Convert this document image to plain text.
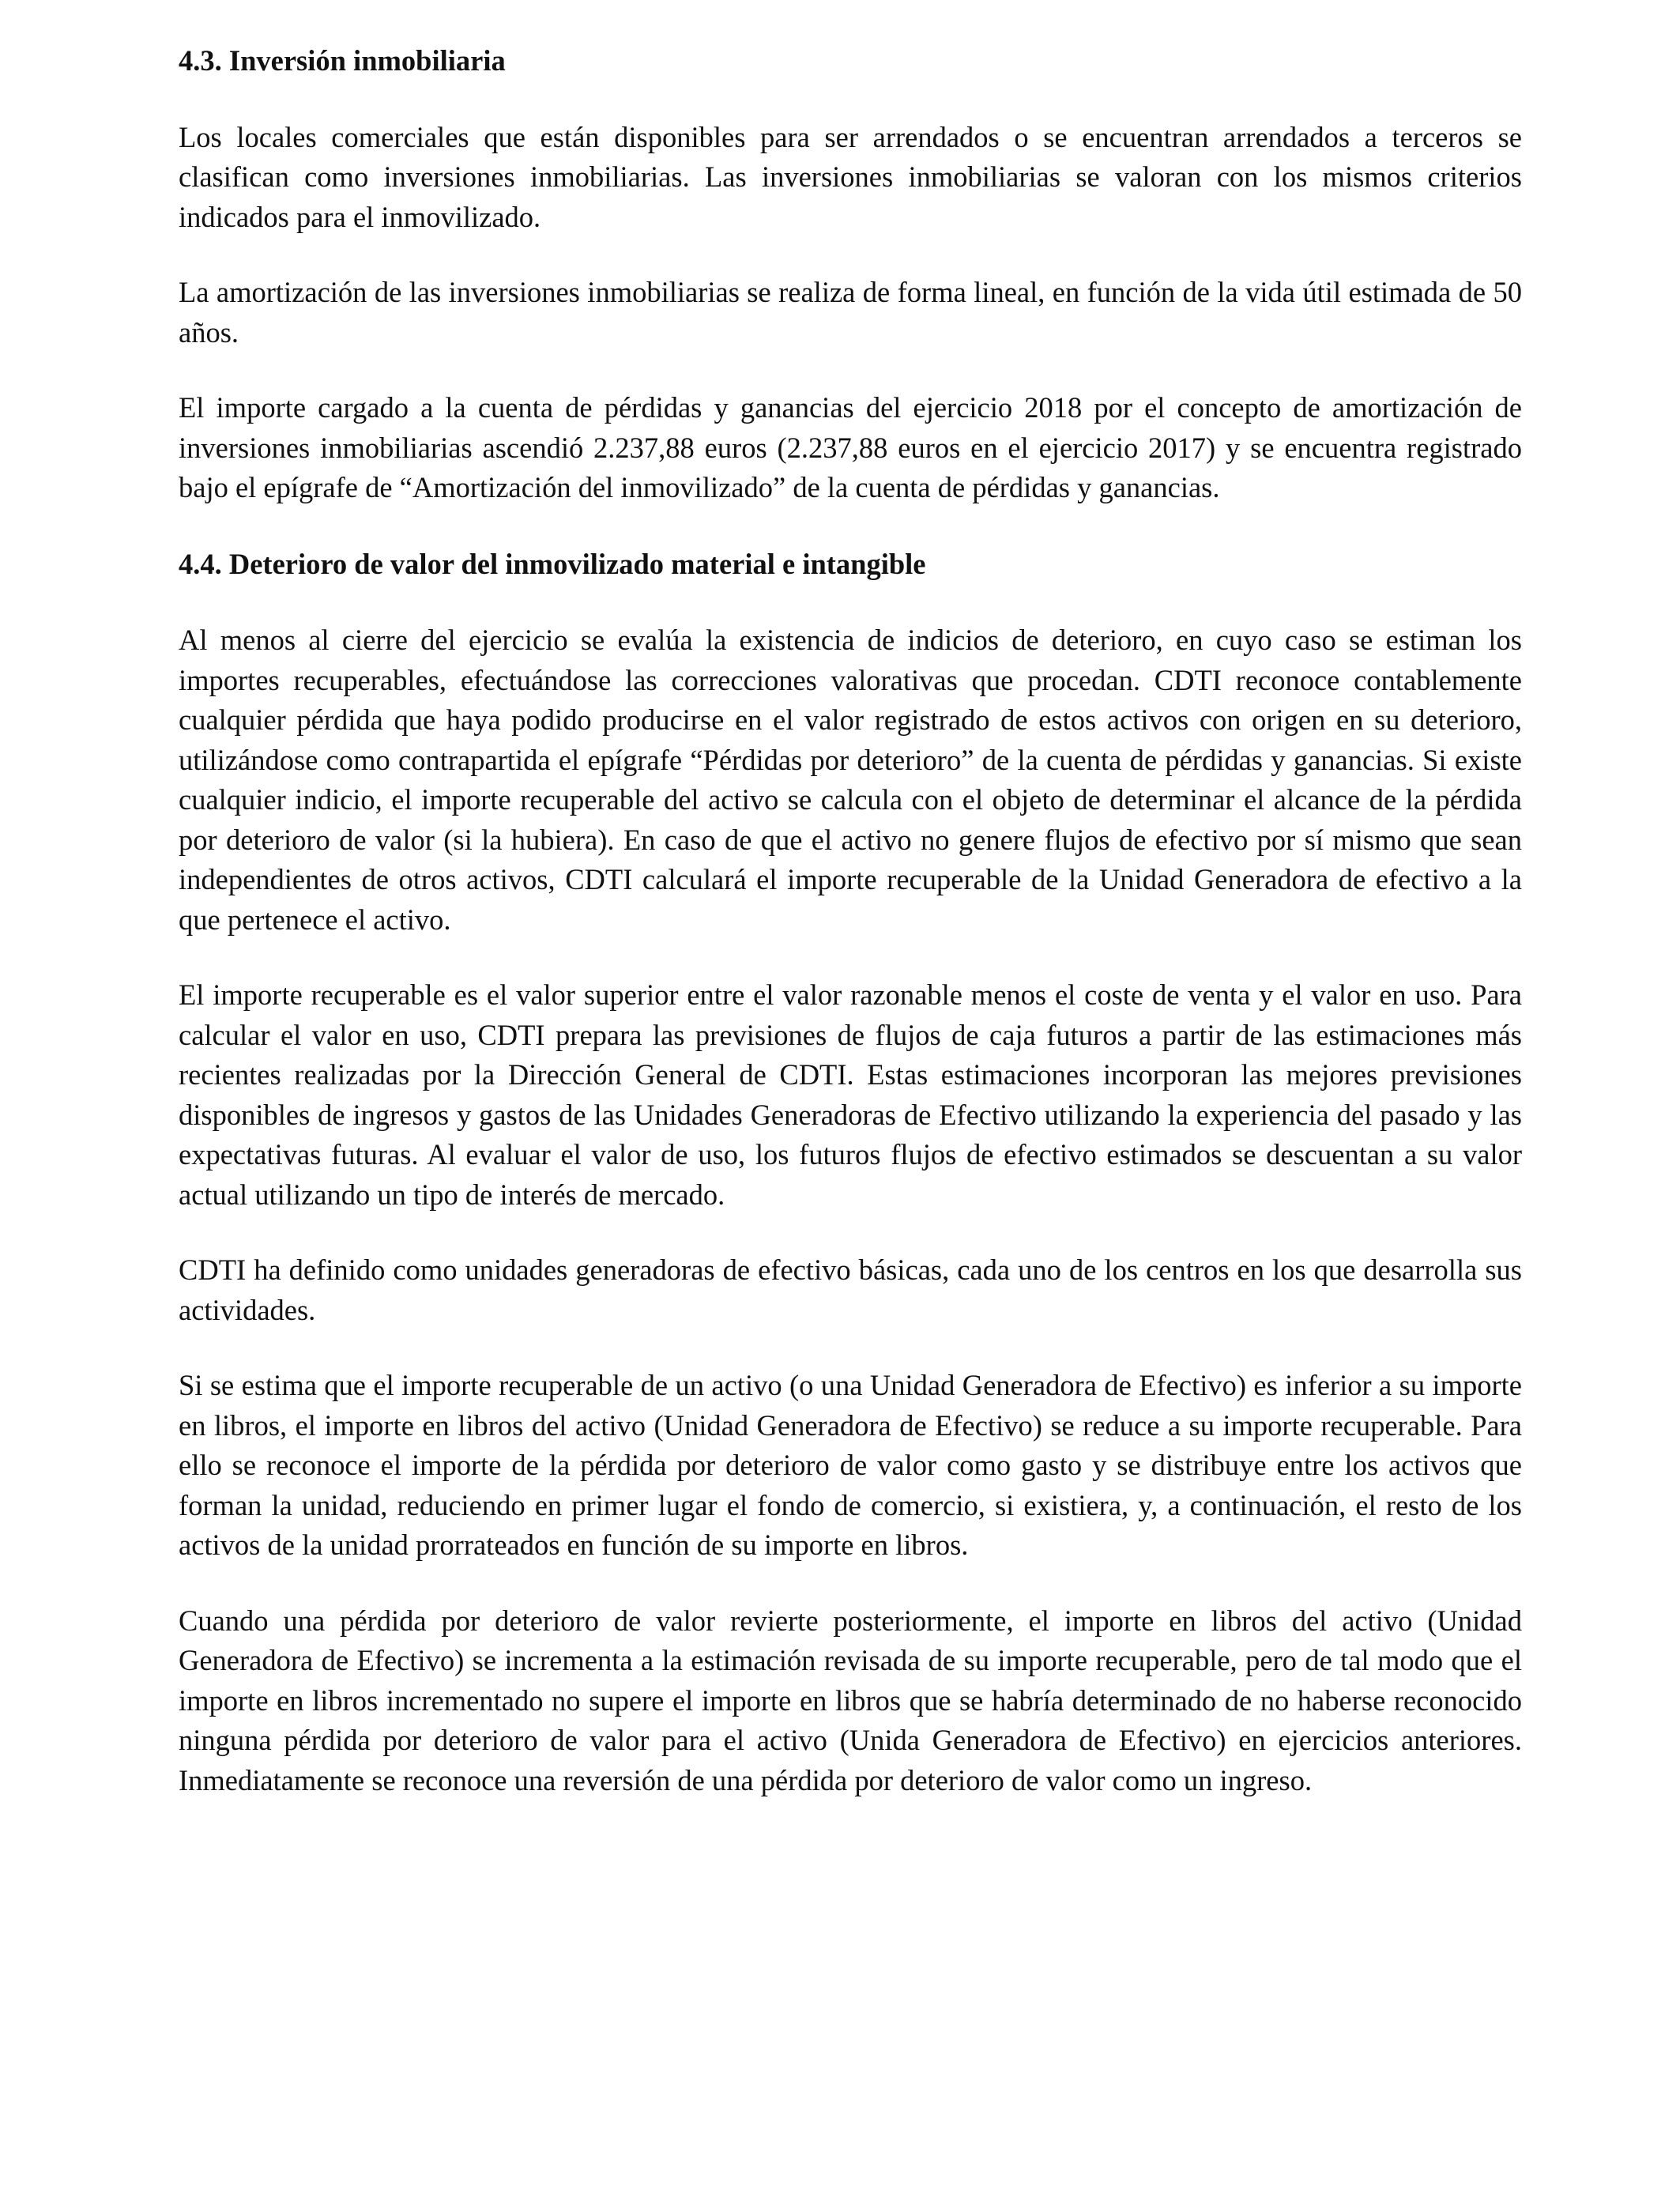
4.3. Inversión inmobiliaria

Los locales comerciales que están disponibles para ser arrendados o se encuentran arrendados a terceros se clasifican como inversiones inmobiliarias. Las inversiones inmobiliarias se valoran con los mismos criterios indicados para el inmovilizado.

La amortización de las inversiones inmobiliarias se realiza de forma lineal, en función de la vida útil estimada de 50 años.

El importe cargado a la cuenta de pérdidas y ganancias del ejercicio 2018 por el concepto de amortización de inversiones inmobiliarias ascendió 2.237,88 euros (2.237,88 euros en el ejercicio 2017) y se encuentra registrado bajo el epígrafe de “Amortización del inmovilizado” de la cuenta de pérdidas y ganancias.

4.4. Deterioro de valor del inmovilizado material e intangible

Al menos al cierre del ejercicio se evalúa la existencia de indicios de deterioro, en cuyo caso se estiman los importes recuperables, efectuándose las correcciones valorativas que procedan. CDTI reconoce contablemente cualquier pérdida que haya podido producirse en el valor registrado de estos activos con origen en su deterioro, utilizándose como contrapartida el epígrafe “Pérdidas por deterioro” de la cuenta de pérdidas y ganancias. Si existe cualquier indicio, el importe recuperable del activo se calcula con el objeto de determinar el alcance de la pérdida por deterioro de valor (si la hubiera). En caso de que el activo no genere flujos de efectivo por sí mismo que sean independientes de otros activos, CDTI calculará el importe recuperable de la Unidad Generadora de efectivo a la que pertenece el activo.

El importe recuperable es el valor superior entre el valor razonable menos el coste de venta y el valor en uso. Para calcular el valor en uso, CDTI prepara las previsiones de flujos de caja futuros a partir de las estimaciones más recientes realizadas por la Dirección General de CDTI. Estas estimaciones incorporan las mejores previsiones disponibles de ingresos y gastos de las Unidades Generadoras de Efectivo utilizando la experiencia del pasado y las expectativas futuras. Al evaluar el valor de uso, los futuros flujos de efectivo estimados se descuentan a su valor actual utilizando un tipo de interés de mercado.

CDTI ha definido como unidades generadoras de efectivo básicas, cada uno de los centros en los que desarrolla sus actividades.

Si se estima que el importe recuperable de un activo (o una Unidad Generadora de Efectivo) es inferior a su importe en libros, el importe en libros del activo (Unidad Generadora de Efectivo) se reduce a su importe recuperable. Para ello se reconoce el importe de la pérdida por deterioro de valor como gasto y se distribuye entre los activos que forman la unidad, reduciendo en primer lugar el fondo de comercio, si existiera, y, a continuación, el resto de los activos de la unidad prorrateados en función de su importe en libros.

Cuando una pérdida por deterioro de valor revierte posteriormente, el importe en libros del activo (Unidad Generadora de Efectivo) se incrementa a la estimación revisada de su importe recuperable, pero de tal modo que el importe en libros incrementado no supere el importe en libros que se habría determinado de no haberse reconocido ninguna pérdida por deterioro de valor para el activo (Unida Generadora de Efectivo) en ejercicios anteriores. Inmediatamente se reconoce una reversión de una pérdida por deterioro de valor como un ingreso.
